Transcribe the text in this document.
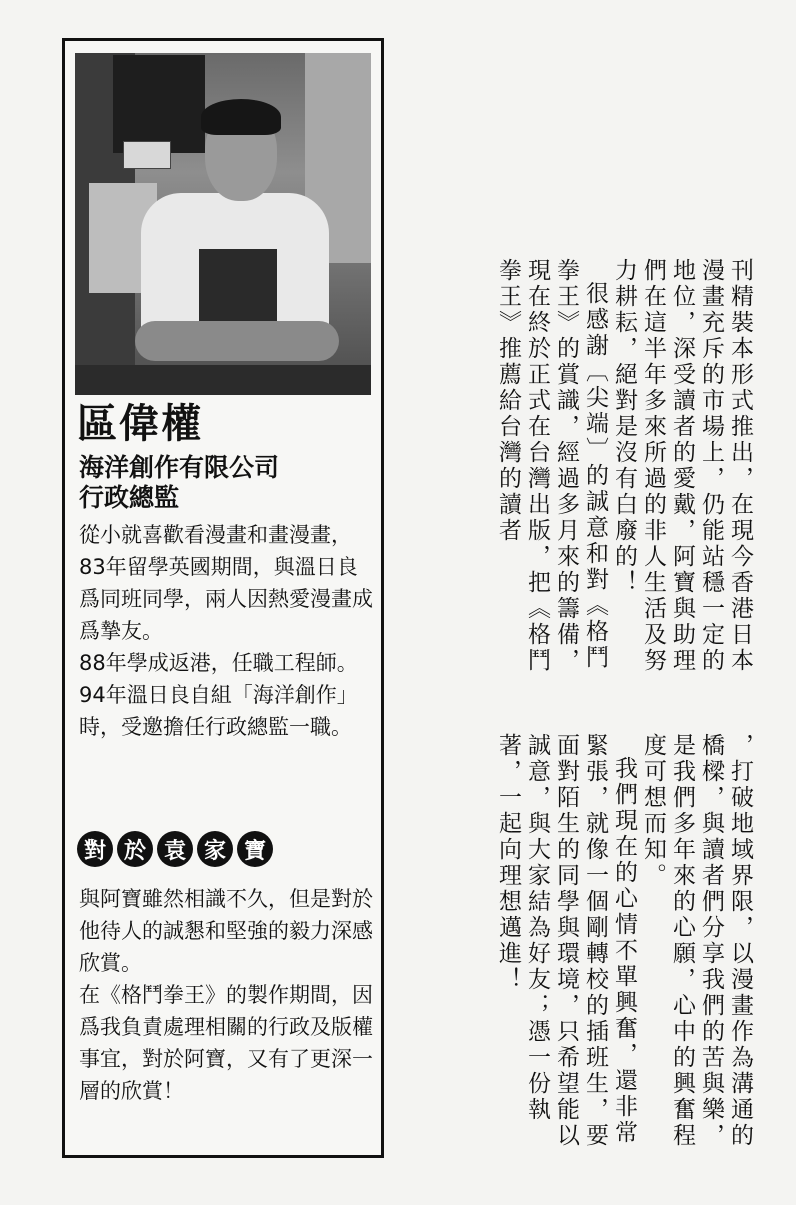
區偉權
海洋創作有限公司
行政總監

從小就喜歡看漫畫和畫漫畫，83年留學英國期間，與溫日良爲同班同學，兩人因熱愛漫畫成爲摯友。

88年學成返港，任職工程師。

94年溫日良自組「海洋創作」時，受邀擔任行政總監一職。

對 於 袁 家 寶

與阿寶雖然相識不久，但是對於他待人的誠懇和堅強的毅力深感欣賞。

在《格鬥拳王》的製作期間，因爲我負責處理相關的行政及版權事宜，對於阿寶，又有了更深一層的欣賞！

刊精裝本形式推出，在現今香港日本漫畫充斥的市場上，仍能站穩一定的地位，深受讀者的愛戴，阿寶與助理們在這半年多來所過的非人生活及努力耕耘，絕對是沒有白廢的！

很感謝〔尖端〕的誠意和對《格鬥拳王》的賞識，經過多月來的籌備，現在終於正式在台灣出版，把《格鬥拳王》推薦給台灣的讀者

，打破地域界限，以漫畫作為溝通的橋樑，與讀者們分享我們的苦與樂，是我們多年來的心願，心中的興奮程度可想而知。

我們現在的心情不單興奮，還非常緊張，就像一個剛轉校的插班生，要面對陌生的同學與環境，只希望能以誠意，與大家結為好友；憑一份執著，一起向理想邁進！
